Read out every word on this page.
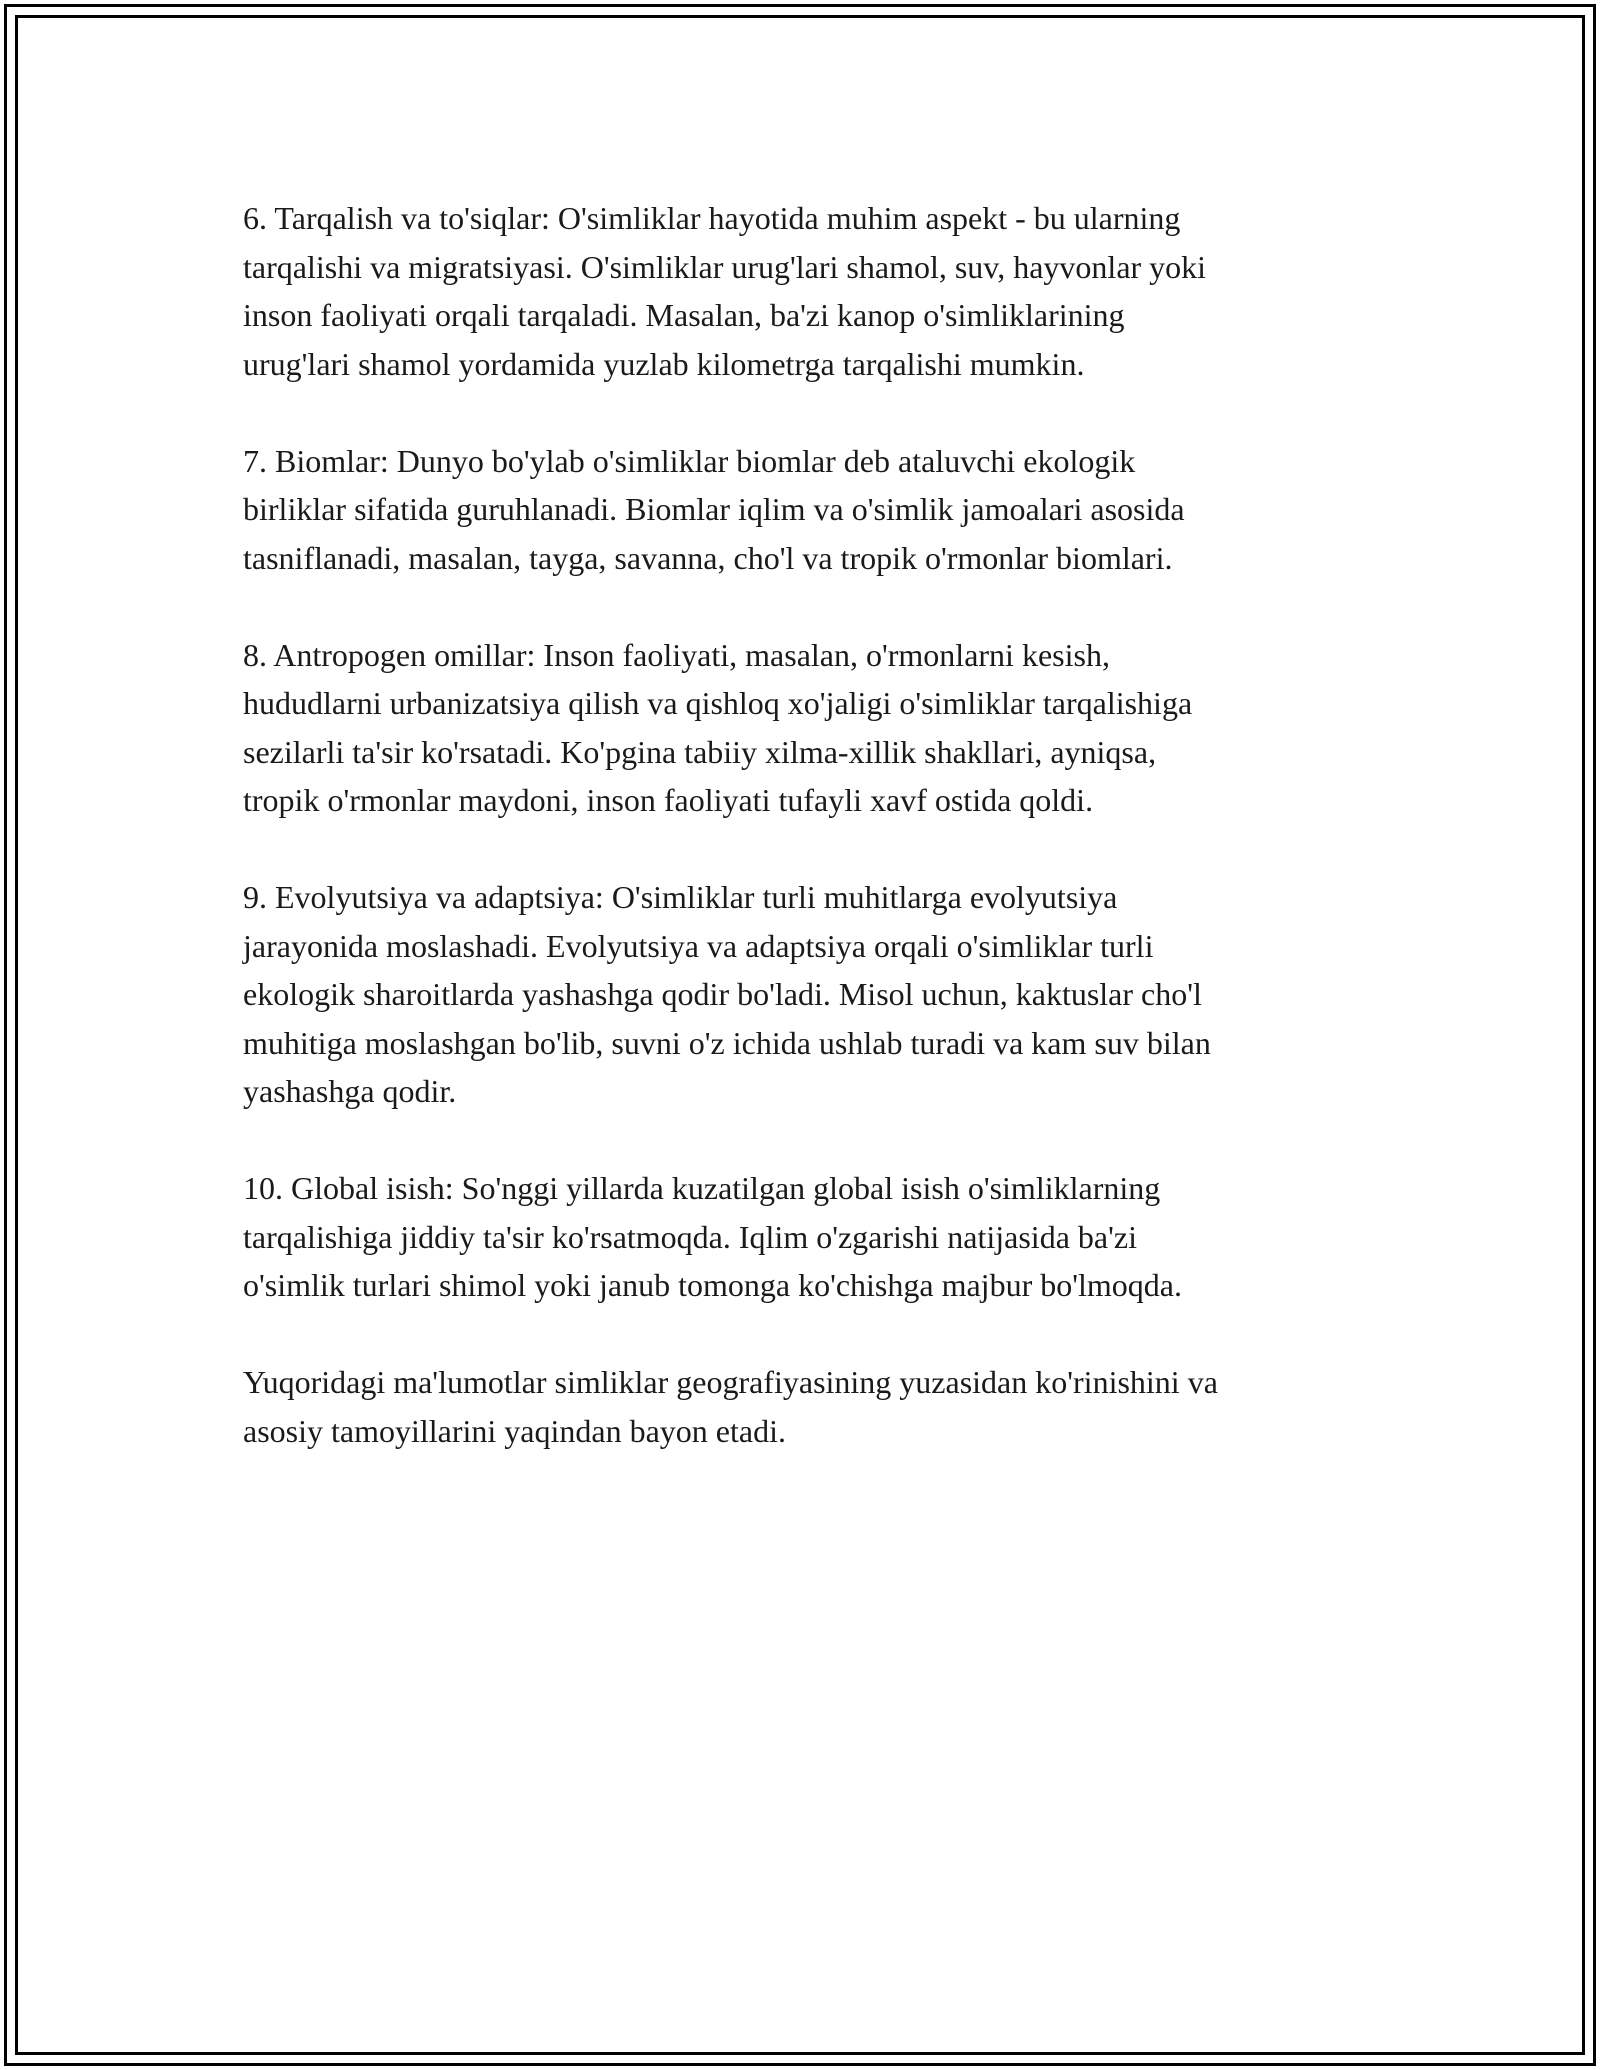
6. Tarqalish va to'siqlar: O'simliklar hayotida muhim aspekt - bu ularning
tarqalishi va migratsiyasi. O'simliklar urug'lari shamol, suv, hayvonlar yoki
inson faoliyati orqali tarqaladi. Masalan, ba'zi kanop o'simliklarining
urug'lari shamol yordamida yuzlab kilometrga tarqalishi mumkin.

7. Biomlar: Dunyo bo'ylab o'simliklar biomlar deb ataluvchi ekologik
birliklar sifatida guruhlanadi. Biomlar iqlim va o'simlik jamoalari asosida
tasniflanadi, masalan, tayga, savanna, cho'l va tropik o'rmonlar biomlari.

8. Antropogen omillar: Inson faoliyati, masalan, o'rmonlarni kesish,
hududlarni urbanizatsiya qilish va qishloq xo'jaligi o'simliklar tarqalishiga
sezilarli ta'sir ko'rsatadi. Ko'pgina tabiiy xilma-xillik shakllari, ayniqsa,
tropik o'rmonlar maydoni, inson faoliyati tufayli xavf ostida qoldi.

9. Evolyutsiya va adaptsiya: O'simliklar turli muhitlarga evolyutsiya
jarayonida moslashadi. Evolyutsiya va adaptsiya orqali o'simliklar turli
ekologik sharoitlarda yashashga qodir bo'ladi. Misol uchun, kaktuslar cho'l
muhitiga moslashgan bo'lib, suvni o'z ichida ushlab turadi va kam suv bilan
yashashga qodir.

10. Global isish: So'nggi yillarda kuzatilgan global isish o'simliklarning
tarqalishiga jiddiy ta'sir ko'rsatmoqda. Iqlim o'zgarishi natijasida ba'zi
o'simlik turlari shimol yoki janub tomonga ko'chishga majbur bo'lmoqda.

Yuqoridagi ma'lumotlar simliklar geografiyasining yuzasidan ko'rinishini va
asosiy tamoyillarini yaqindan bayon etadi.
